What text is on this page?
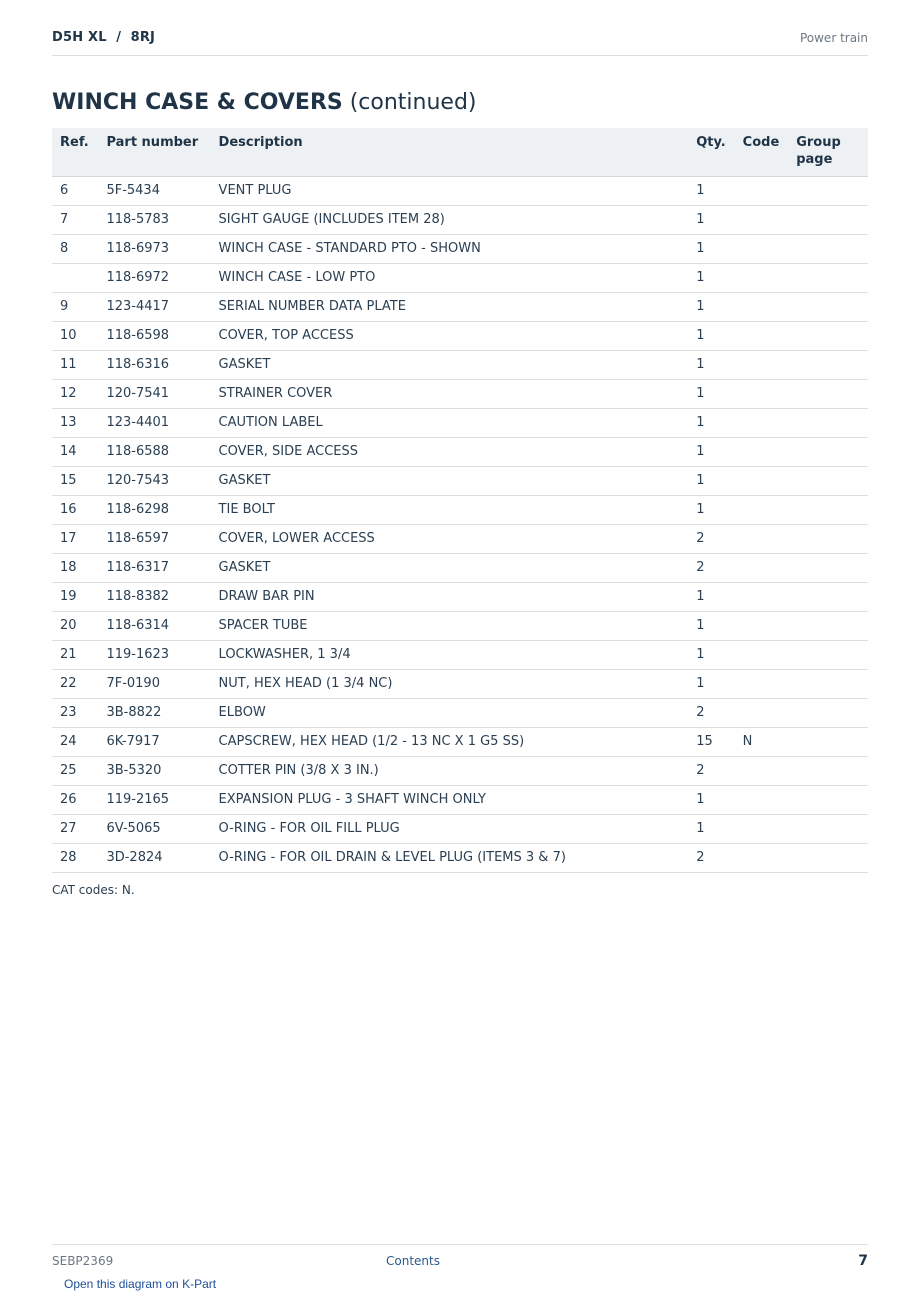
D5H XL  /  8RJ	Power train
WINCH CASE & COVERS (continued)
Ref.	Part number	Description	Qty.	Code	Group page
6	5F-5434	VENT PLUG	1		
7	118-5783	SIGHT GAUGE (INCLUDES ITEM 28)	1		
8	118-6973	WINCH CASE - STANDARD PTO - SHOWN	1		
	118-6972	WINCH CASE - LOW PTO	1		
9	123-4417	SERIAL NUMBER DATA PLATE	1		
10	118-6598	COVER, TOP ACCESS	1		
11	118-6316	GASKET	1		
12	120-7541	STRAINER COVER	1		
13	123-4401	CAUTION LABEL	1		
14	118-6588	COVER, SIDE ACCESS	1		
15	120-7543	GASKET	1		
16	118-6298	TIE BOLT	1		
17	118-6597	COVER, LOWER ACCESS	2		
18	118-6317	GASKET	2		
19	118-8382	DRAW BAR PIN	1		
20	118-6314	SPACER TUBE	1		
21	119-1623	LOCKWASHER, 1 3/4	1		
22	7F-0190	NUT, HEX HEAD (1 3/4 NC)	1		
23	3B-8822	ELBOW	2		
24	6K-7917	CAPSCREW, HEX HEAD (1/2 - 13 NC X 1 G5 SS)	15	N	
25	3B-5320	COTTER PIN (3/8 X 3 IN.)	2		
26	119-2165	EXPANSION PLUG - 3 SHAFT WINCH ONLY	1		
27	6V-5065	O-RING - FOR OIL FILL PLUG	1		
28	3D-2824	O-RING - FOR OIL DRAIN & LEVEL PLUG (ITEMS 3 & 7)	2		
CAT codes: N.
SEBP2369	Contents	7
Open this diagram on K-Part
